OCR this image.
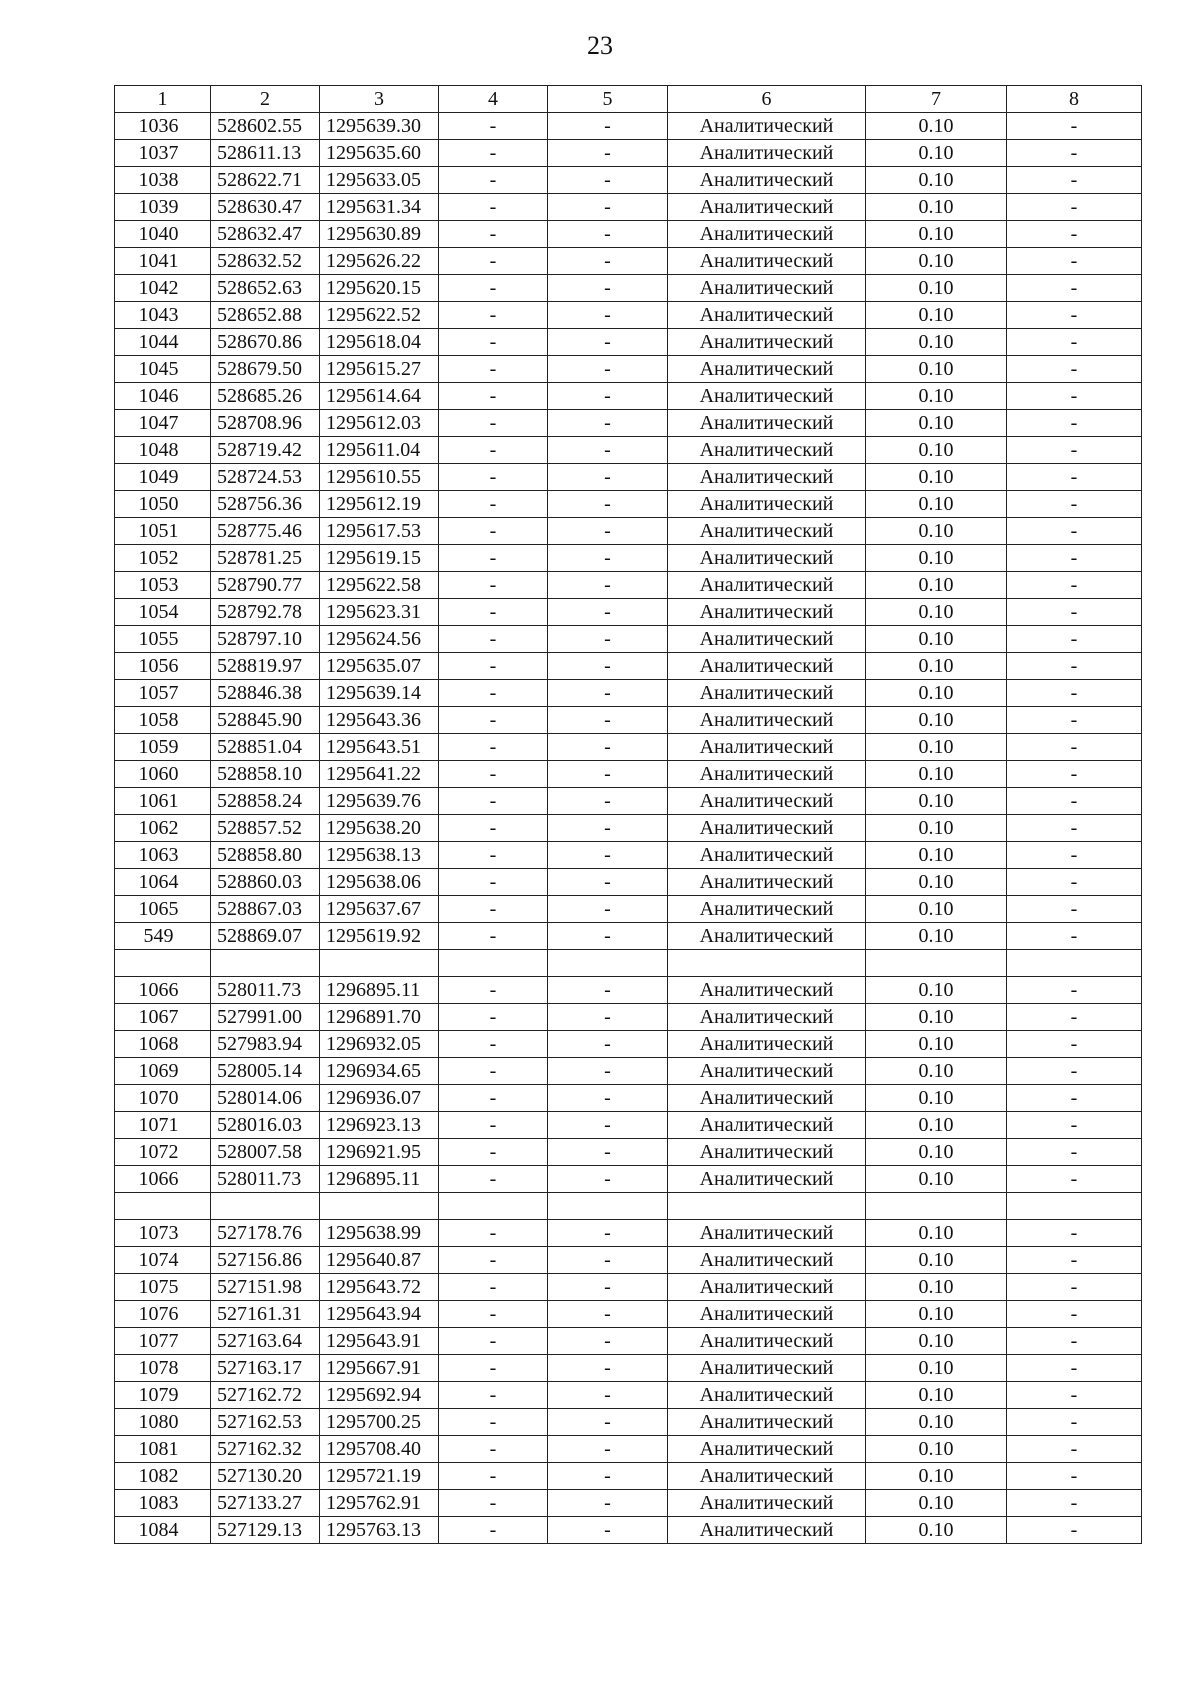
23
1	2	3	4	5	6	7	8
1036	528602.55	1295639.30	-	-	Аналитический	0.10	-
1037	528611.13	1295635.60	-	-	Аналитический	0.10	-
1038	528622.71	1295633.05	-	-	Аналитический	0.10	-
1039	528630.47	1295631.34	-	-	Аналитический	0.10	-
1040	528632.47	1295630.89	-	-	Аналитический	0.10	-
1041	528632.52	1295626.22	-	-	Аналитический	0.10	-
1042	528652.63	1295620.15	-	-	Аналитический	0.10	-
1043	528652.88	1295622.52	-	-	Аналитический	0.10	-
1044	528670.86	1295618.04	-	-	Аналитический	0.10	-
1045	528679.50	1295615.27	-	-	Аналитический	0.10	-
1046	528685.26	1295614.64	-	-	Аналитический	0.10	-
1047	528708.96	1295612.03	-	-	Аналитический	0.10	-
1048	528719.42	1295611.04	-	-	Аналитический	0.10	-
1049	528724.53	1295610.55	-	-	Аналитический	0.10	-
1050	528756.36	1295612.19	-	-	Аналитический	0.10	-
1051	528775.46	1295617.53	-	-	Аналитический	0.10	-
1052	528781.25	1295619.15	-	-	Аналитический	0.10	-
1053	528790.77	1295622.58	-	-	Аналитический	0.10	-
1054	528792.78	1295623.31	-	-	Аналитический	0.10	-
1055	528797.10	1295624.56	-	-	Аналитический	0.10	-
1056	528819.97	1295635.07	-	-	Аналитический	0.10	-
1057	528846.38	1295639.14	-	-	Аналитический	0.10	-
1058	528845.90	1295643.36	-	-	Аналитический	0.10	-
1059	528851.04	1295643.51	-	-	Аналитический	0.10	-
1060	528858.10	1295641.22	-	-	Аналитический	0.10	-
1061	528858.24	1295639.76	-	-	Аналитический	0.10	-
1062	528857.52	1295638.20	-	-	Аналитический	0.10	-
1063	528858.80	1295638.13	-	-	Аналитический	0.10	-
1064	528860.03	1295638.06	-	-	Аналитический	0.10	-
1065	528867.03	1295637.67	-	-	Аналитический	0.10	-
549	528869.07	1295619.92	-	-	Аналитический	0.10	-

1066	528011.73	1296895.11	-	-	Аналитический	0.10	-
1067	527991.00	1296891.70	-	-	Аналитический	0.10	-
1068	527983.94	1296932.05	-	-	Аналитический	0.10	-
1069	528005.14	1296934.65	-	-	Аналитический	0.10	-
1070	528014.06	1296936.07	-	-	Аналитический	0.10	-
1071	528016.03	1296923.13	-	-	Аналитический	0.10	-
1072	528007.58	1296921.95	-	-	Аналитический	0.10	-
1066	528011.73	1296895.11	-	-	Аналитический	0.10	-

1073	527178.76	1295638.99	-	-	Аналитический	0.10	-
1074	527156.86	1295640.87	-	-	Аналитический	0.10	-
1075	527151.98	1295643.72	-	-	Аналитический	0.10	-
1076	527161.31	1295643.94	-	-	Аналитический	0.10	-
1077	527163.64	1295643.91	-	-	Аналитический	0.10	-
1078	527163.17	1295667.91	-	-	Аналитический	0.10	-
1079	527162.72	1295692.94	-	-	Аналитический	0.10	-
1080	527162.53	1295700.25	-	-	Аналитический	0.10	-
1081	527162.32	1295708.40	-	-	Аналитический	0.10	-
1082	527130.20	1295721.19	-	-	Аналитический	0.10	-
1083	527133.27	1295762.91	-	-	Аналитический	0.10	-
1084	527129.13	1295763.13	-	-	Аналитический	0.10	-
